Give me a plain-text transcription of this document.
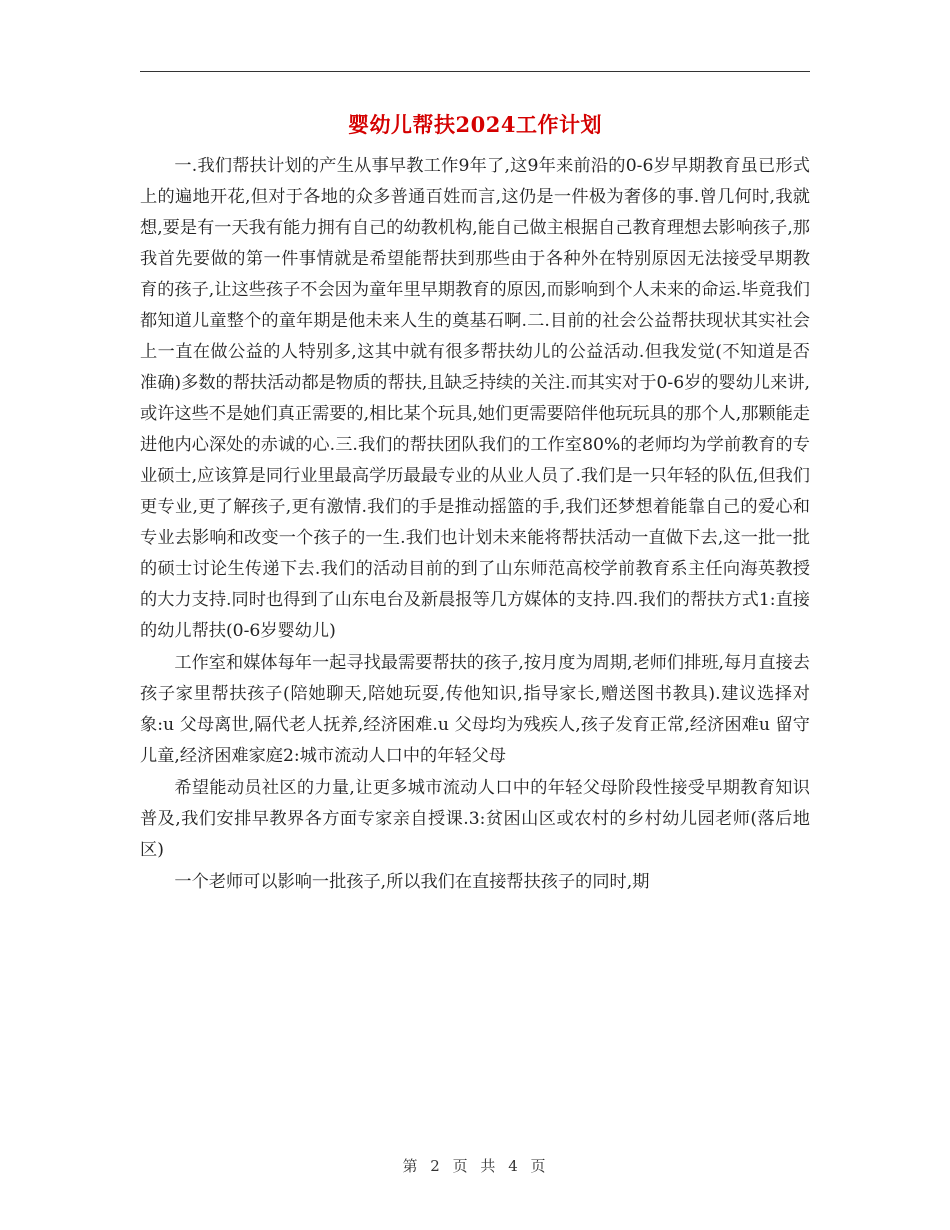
婴幼儿帮扶2024工作计划

一.我们帮扶计划的产生从事早教工作9年了,这9年来前沿的0-6岁早期教育虽已形式上的遍地开花,但对于各地的众多普通百姓而言,这仍是一件极为奢侈的事.曾几何时,我就想,要是有一天我有能力拥有自己的幼教机构,能自己做主根据自己教育理想去影响孩子,那我首先要做的第一件事情就是希望能帮扶到那些由于各种外在特别原因无法接受早期教育的孩子,让这些孩子不会因为童年里早期教育的原因,而影响到个人未来的命运.毕竟我们都知道儿童整个的童年期是他未来人生的奠基石啊.二.目前的社会公益帮扶现状其实社会上一直在做公益的人特别多,这其中就有很多帮扶幼儿的公益活动.但我发觉(不知道是否准确)多数的帮扶活动都是物质的帮扶,且缺乏持续的关注.而其实对于0-6岁的婴幼儿来讲,或许这些不是她们真正需要的,相比某个玩具,她们更需要陪伴他玩玩具的那个人,那颗能走进他内心深处的赤诚的心.三.我们的帮扶团队我们的工作室80%的老师均为学前教育的专业硕士,应该算是同行业里最高学历最最专业的从业人员了.我们是一只年轻的队伍,但我们更专业,更了解孩子,更有激情.我们的手是推动摇篮的手,我们还梦想着能靠自己的爱心和专业去影响和改变一个孩子的一生.我们也计划未来能将帮扶活动一直做下去,这一批一批的硕士讨论生传递下去.我们的活动目前的到了山东师范高校学前教育系主任向海英教授的大力支持.同时也得到了山东电台及新晨报等几方媒体的支持.四.我们的帮扶方式1:直接的幼儿帮扶(0-6岁婴幼儿)

工作室和媒体每年一起寻找最需要帮扶的孩子,按月度为周期,老师们排班,每月直接去孩子家里帮扶孩子(陪她聊天,陪她玩耍,传他知识,指导家长,赠送图书教具).建议选择对象:u 父母离世,隔代老人抚养,经济困难.u 父母均为残疾人,孩子发育正常,经济困难u 留守儿童,经济困难家庭2:城市流动人口中的年轻父母

希望能动员社区的力量,让更多城市流动人口中的年轻父母阶段性接受早期教育知识普及,我们安排早教界各方面专家亲自授课.3:贫困山区或农村的乡村幼儿园老师(落后地区)

一个老师可以影响一批孩子,所以我们在直接帮扶孩子的同时,期

第 2 页 共 4 页
